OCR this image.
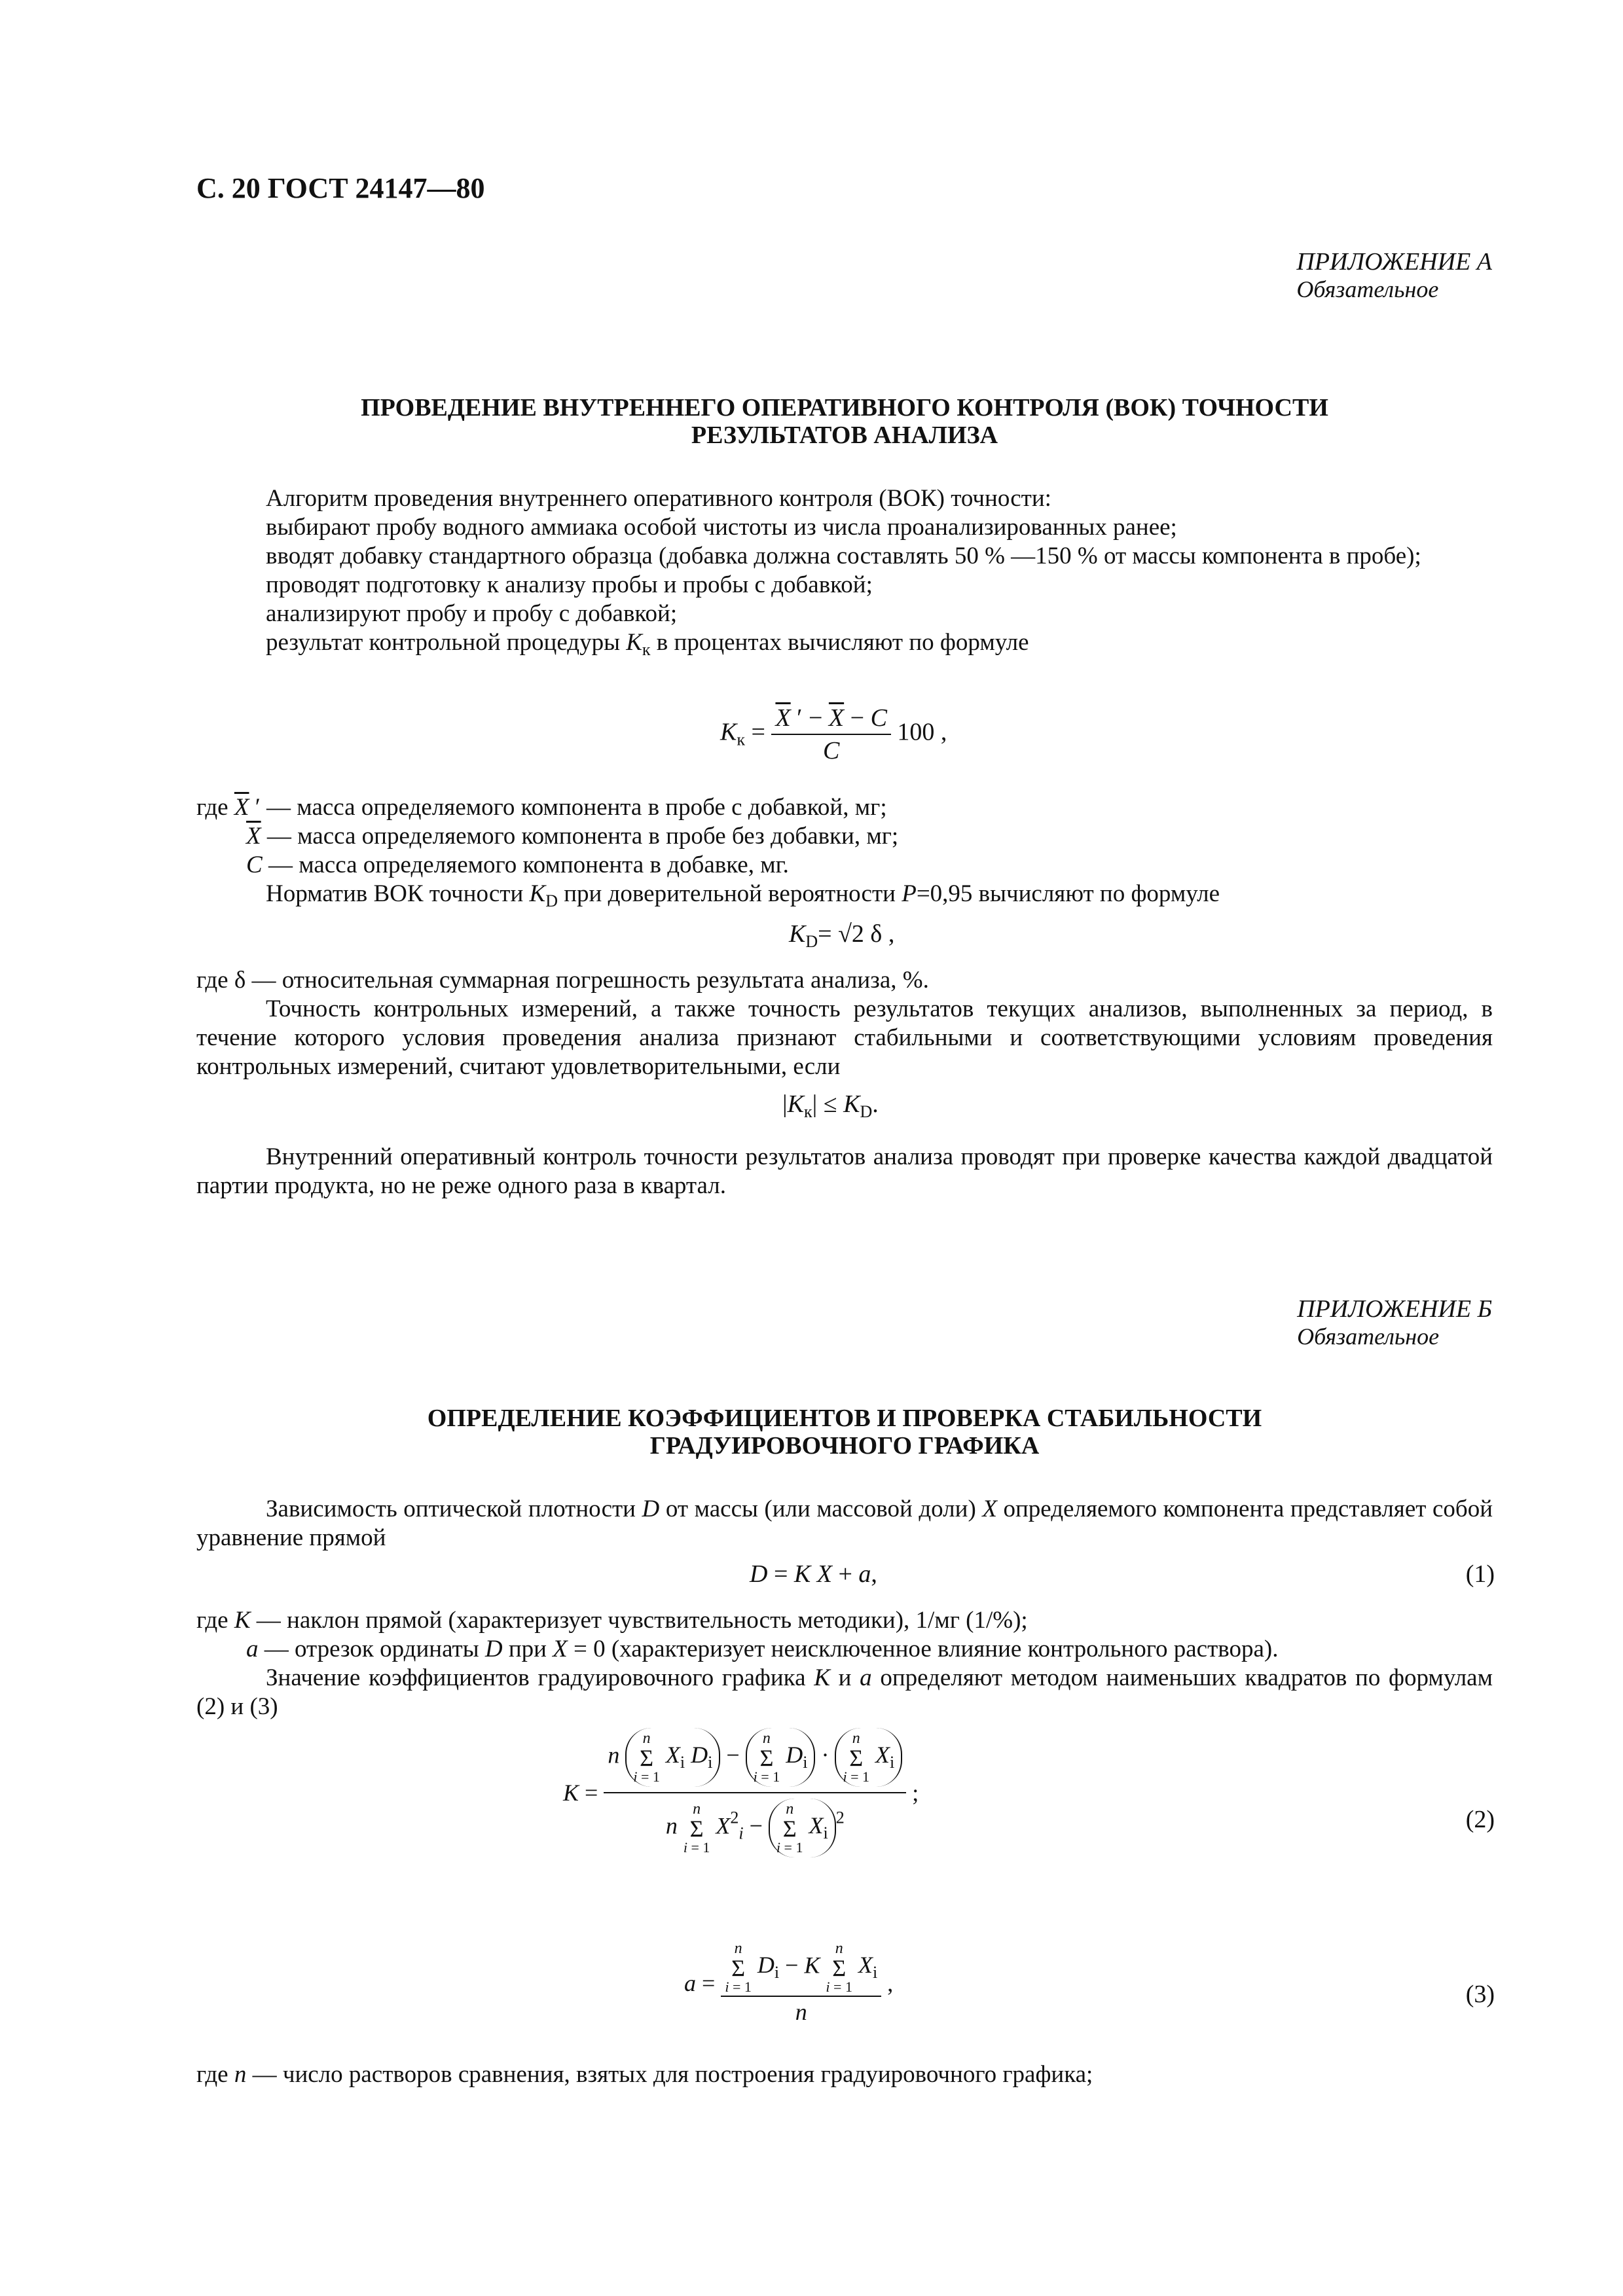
С. 20 ГОСТ 24147—80
ПРИЛОЖЕНИЕ А
Обязательное
ПРОВЕДЕНИЕ ВНУТРЕННЕГО ОПЕРАТИВНОГО КОНТРОЛЯ (ВОК) ТОЧНОСТИ
РЕЗУЛЬТАТОВ АНАЛИЗА

Алгоритм проведения внутреннего оперативного контроля (ВОК) точности:

выбирают пробу водного аммиака особой чистоты из числа проанализированных ранее;

вводят добавку стандартного образца (добавка должна составлять 50 % —150 % от массы компонента в пробе);

проводят подготовку к анализу пробы и пробы с добавкой;

анализируют пробу и пробу с добавкой;

результат контрольной процедуры $K_к$ в процентах вычисляют по формуле

$K_к = \frac{\overline{X} ' - \overline{X} - C}{C} 100$ ,
где $\overline{X}$ ′ — масса определяемого компонента в пробе с добавкой, мг;
$\overline{X}$ — масса определяемого компонента в пробе без добавки, мг;
C — масса определяемого компонента в добавке, мг.
Норматив ВОК точности $K_D$ при доверительной вероятности P=0,95 вычисляют по формуле
$K_D= √2$ δ ,
где δ — относительная суммарная погрешность результата анализа, %.

Точность контрольных измерений, а также точность результатов текущих анализов, выполненных за период, в течение которого условия проведения анализа признают стабильными и соответствующими условиям проведения контрольных измерений, считают удовлетворительными, если

$|K_к| \le K_D$.

Внутренний оперативный контроль точности результатов анализа проводят при проверке качества каждой двадцатой партии продукта, но не реже одного раза в квартал.

ПРИЛОЖЕНИЕ Б
Обязательное
ОПРЕДЕЛЕНИЕ КОЭФФИЦИЕНТОВ И ПРОВЕРКА СТАБИЛЬНОСТИ
ГРАДУИРОВОЧНОГО ГРАФИКА

Зависимость оптической плотности D от массы (или массовой доли) X определяемого компонента представляет собой уравнение прямой

D = K X + a,	(1)
где K — наклон прямой (характеризует чувствительность методики), 1/мг (1/%);
a — отрезок ординаты D при X = 0 (характеризует неисключенное влияние контрольного раствора).

Значение коэффициентов градуировочного графика K и a определяют методом наименьших квадратов по формулам (2) и (3)

K =
n
n
Σ
i = 1
$X_i$ $D_i$ −
n
Σ
i = 1
$D_i$ ·
n
Σ
i = 1
$X_i$
n
n
Σ
i = 1
$X^2_i$ −
n
Σ
i = 1
$X_i^2$
;
(2)
a = n
Σ
i = 1
$D_i - K$
n
Σ
i = 1
$X_i$
n ,	(3)
где n — число растворов сравнения, взятых для построения градуировочного графика;
